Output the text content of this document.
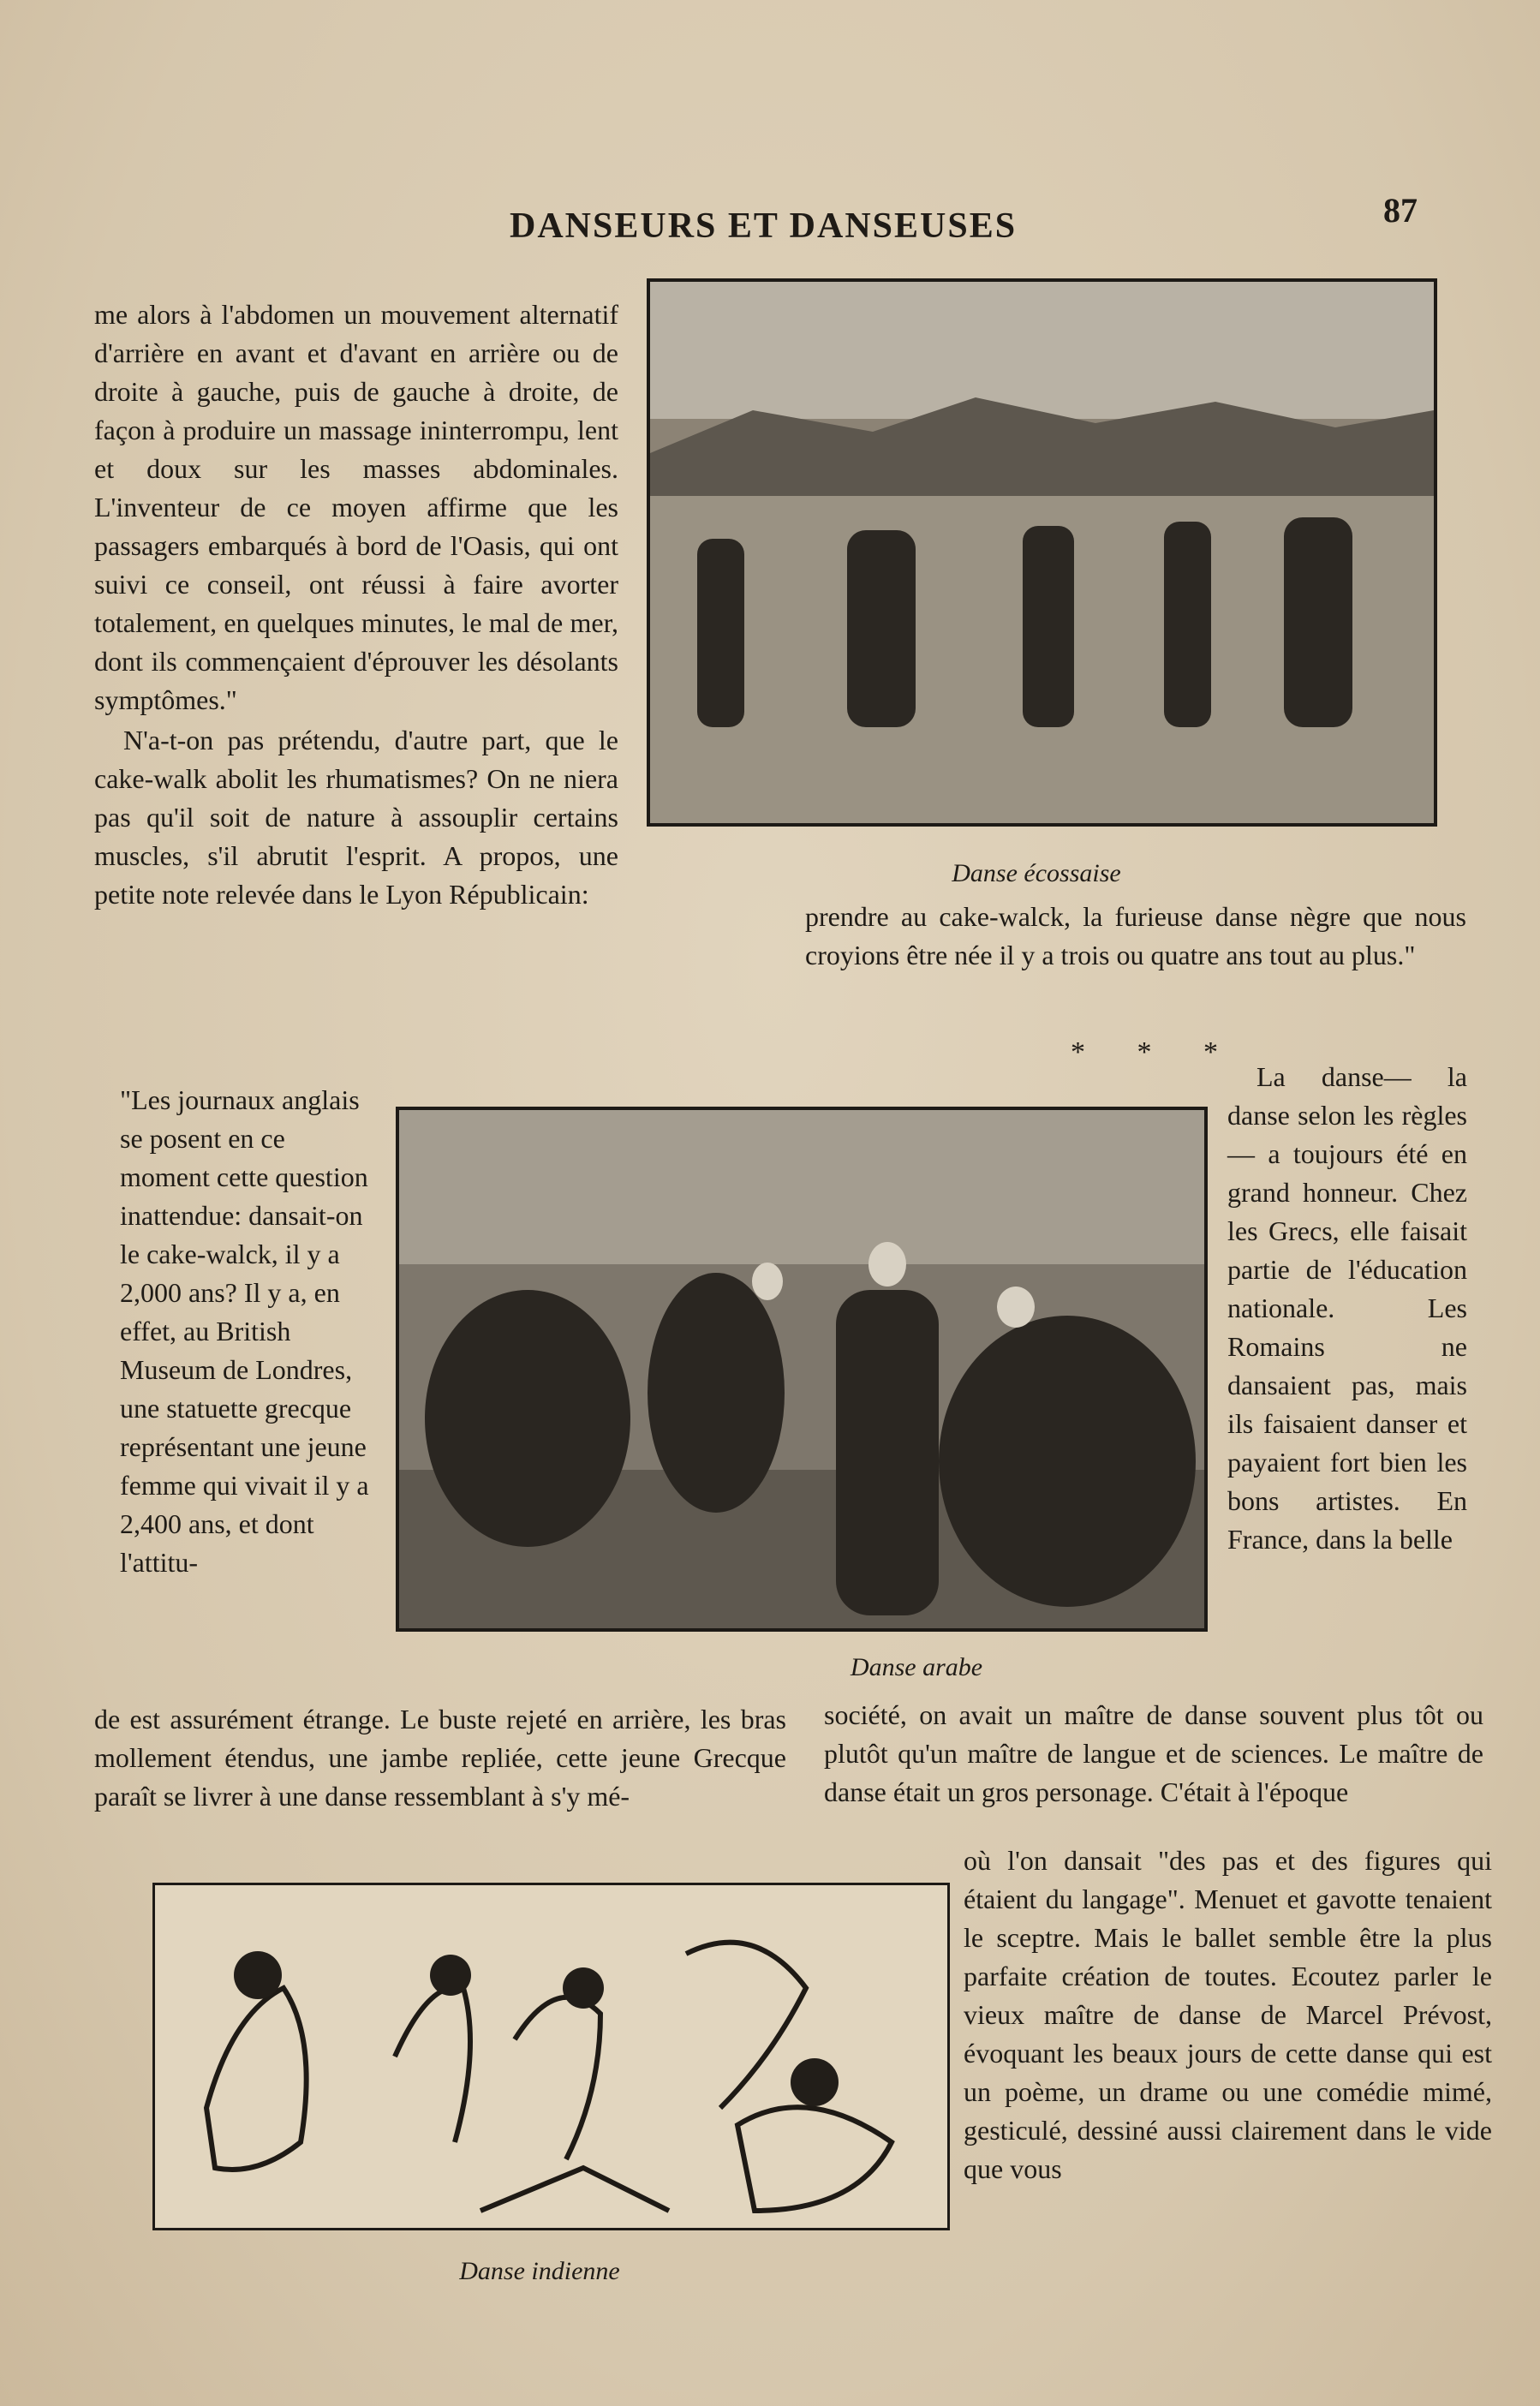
DANSEURS ET DANSEUSES	87

me alors à l'abdomen un mouvement alternatif d'arrière en avant et d'avant en arrière ou de droite à gauche, puis de gauche à droite, de façon à produire un massage ininterrompu, lent et doux sur les masses abdominales. L'inventeur de ce moyen affirme que les passagers embarqués à bord de l'Oasis, qui ont suivi ce conseil, ont réussi à faire avorter totalement, en quelques minutes, le mal de mer, dont ils commençaient d'éprouver les désolants symptômes."

N'a-t-on pas prétendu, d'autre part, que le cake-walk abolit les rhumatismes? On ne niera pas qu'il soit de nature à assouplir certains muscles, s'il abrutit l'esprit. A propos, une petite note relevée dans le Lyon Républicain:

Danse écossaise

prendre au cake-walck, la furieuse danse nègre que nous croyions être née il y a trois ou quatre ans tout au plus."

* * *

"Les journaux anglais se posent en ce moment cette question inattendue: dansait-on le cake-walck, il y a 2,000 ans? Il y a, en effet, au British Museum de Londres, une statuette grecque représentant une jeune femme qui vivait il y a 2,400 ans, et dont l'attitu-

Danse arabe

La danse— la danse selon les règles — a toujours été en grand honneur. Chez les Grecs, elle faisait partie de l'éducation nationale. Les Romains ne dansaient pas, mais ils faisaient danser et payaient fort bien les bons artistes. En France, dans la belle

de est assurément étrange. Le buste rejeté en arrière, les bras mollement étendus, une jambe repliée, cette jeune Grecque paraît se livrer à une danse ressemblant à s'y mé-

société, on avait un maître de danse souvent plus tôt ou plutôt qu'un maître de langue et de sciences. Le maître de danse était un gros personage. C'était à l'époque

Danse indienne

où l'on dansait "des pas et des figures qui étaient du langage". Menuet et gavotte tenaient le sceptre. Mais le ballet semble être la plus parfaite création de toutes. Ecoutez parler le vieux maître de danse de Marcel Prévost, évoquant les beaux jours de cette danse qui est un poème, un drame ou une comédie mimé, gesticulé, dessiné aussi clairement dans le vide que vous
